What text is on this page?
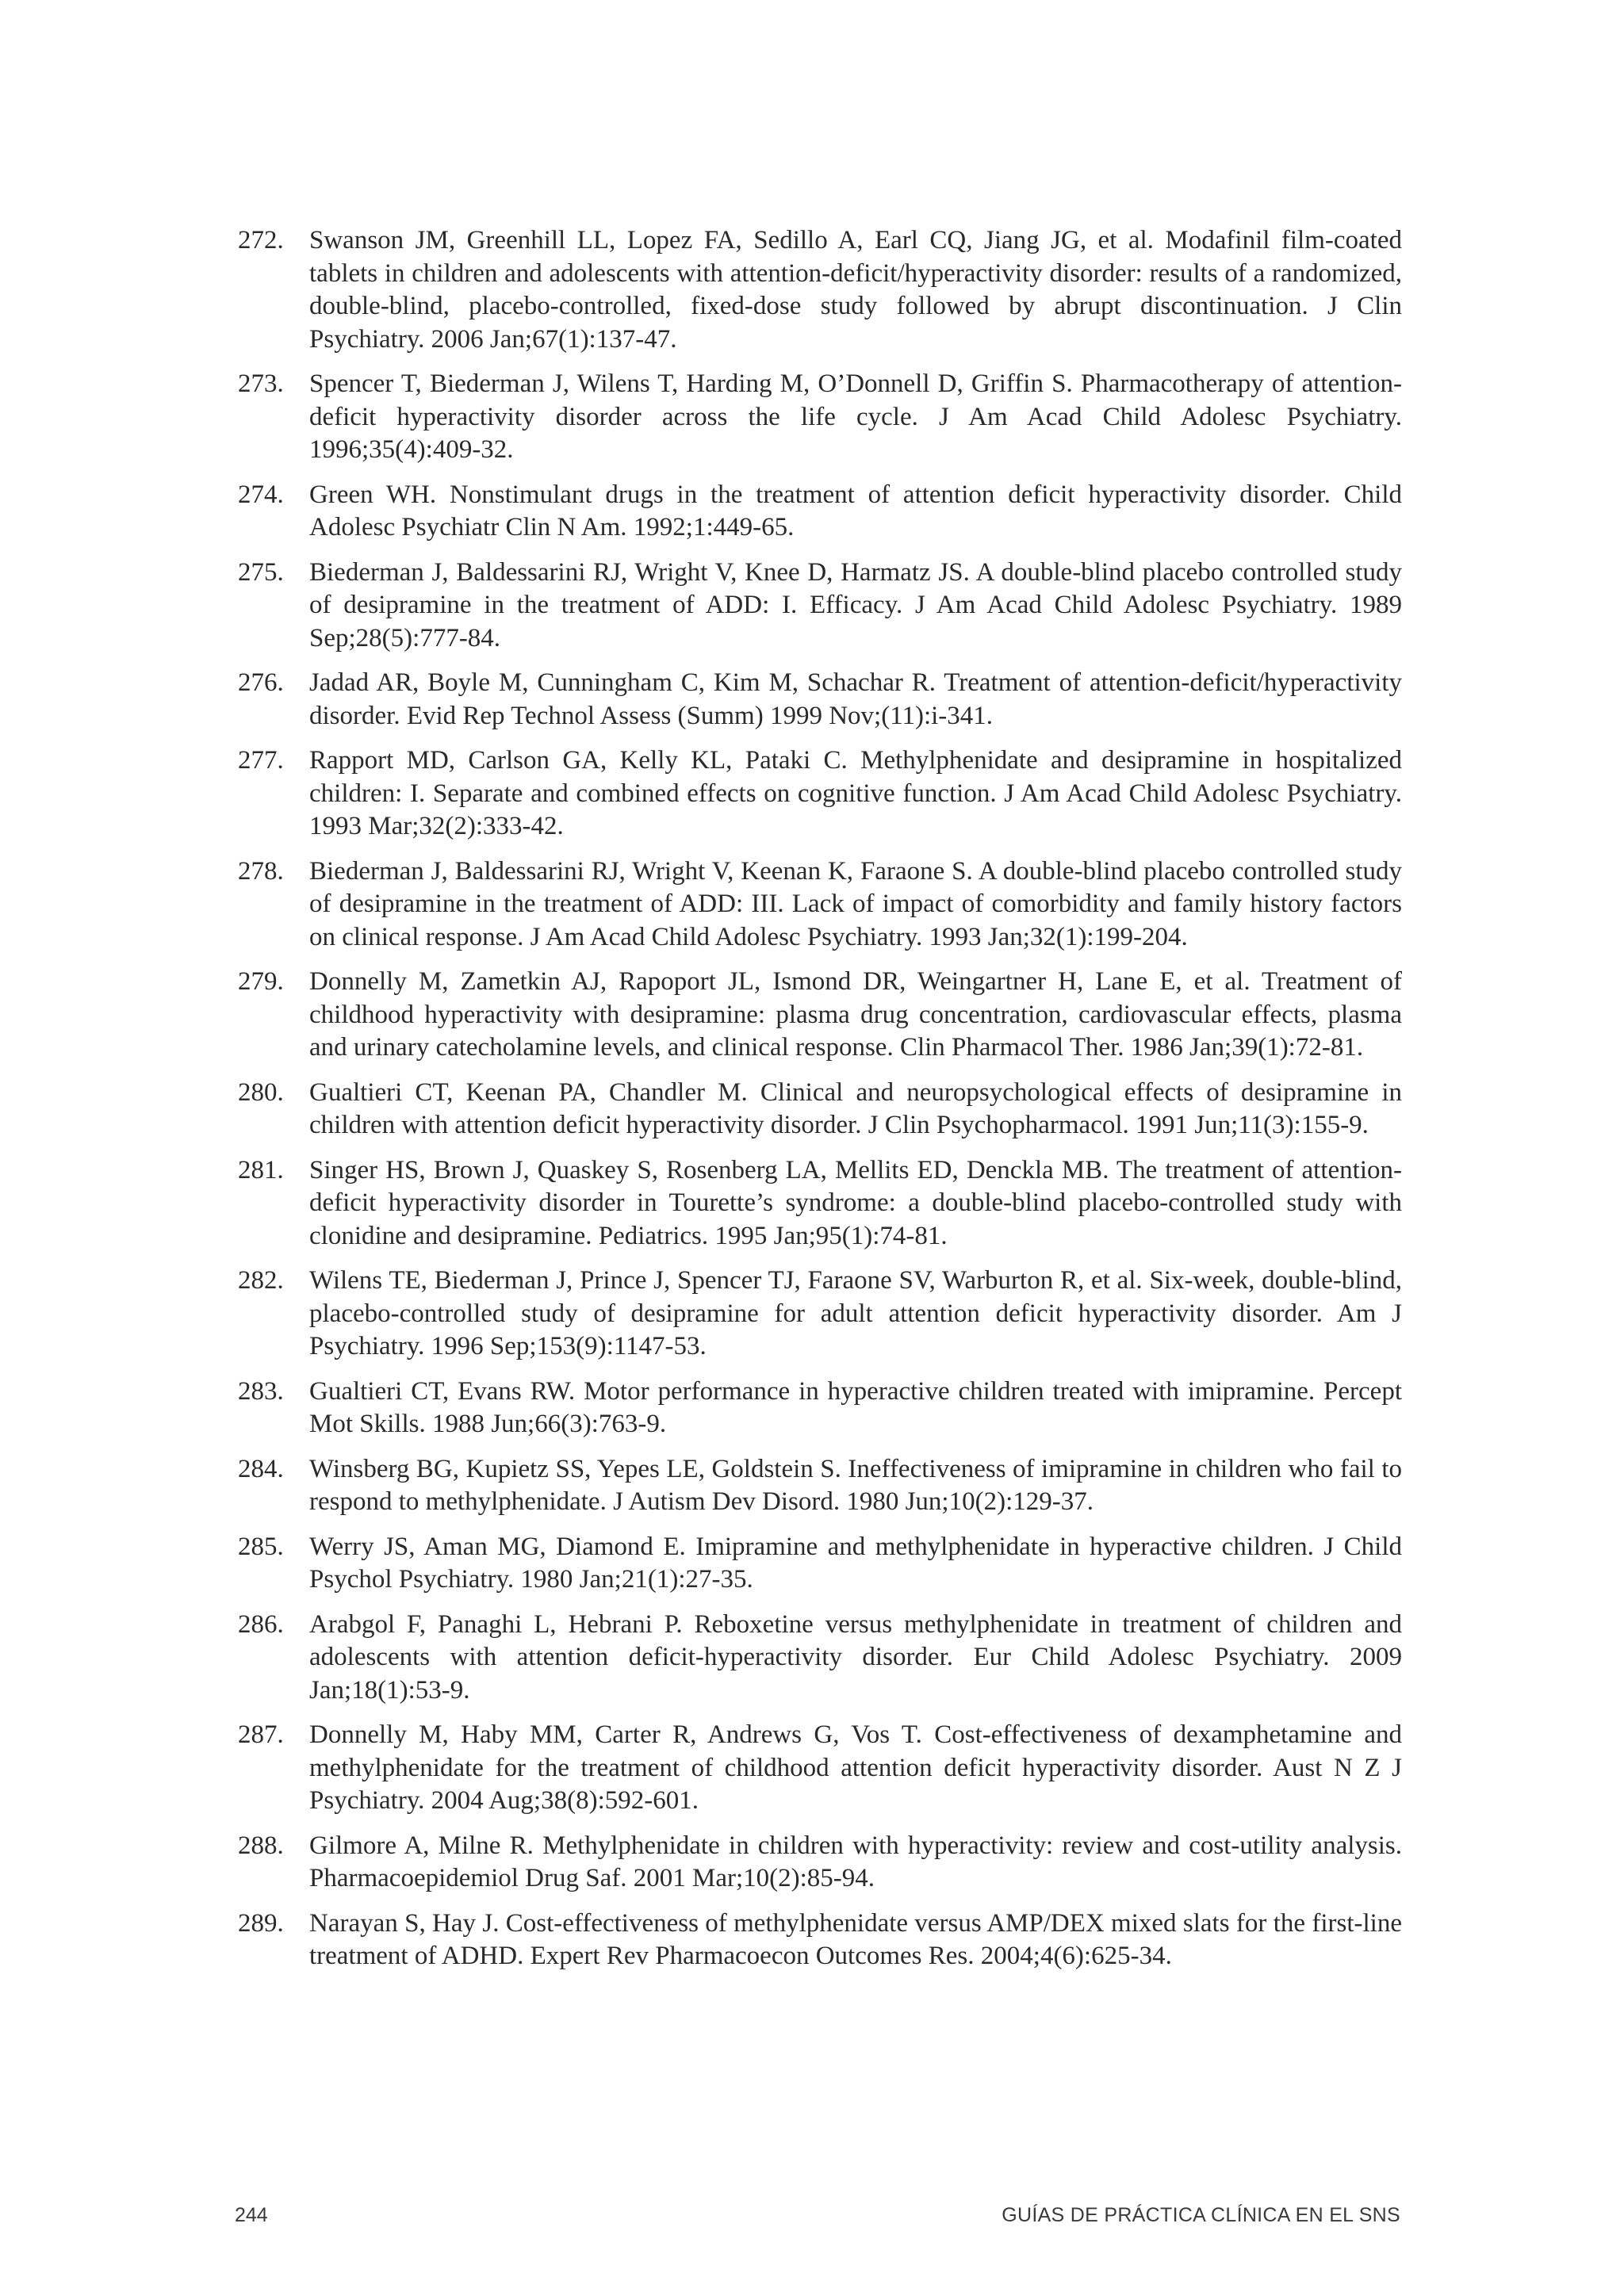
272. Swanson JM, Greenhill LL, Lopez FA, Sedillo A, Earl CQ, Jiang JG, et al. Modafinil film-coated tablets in children and adolescents with attention-deficit/hyperactivity disorder: results of a randomized, double-blind, placebo-controlled, fixed-dose study followed by abrupt discontinuation. J Clin Psychiatry. 2006 Jan;67(1):137-47.
273. Spencer T, Biederman J, Wilens T, Harding M, O’Donnell D, Griffin S. Pharmacotherapy of attention-deficit hyperactivity disorder across the life cycle. J Am Acad Child Adolesc Psychiatry. 1996;35(4):409-32.
274. Green WH. Nonstimulant drugs in the treatment of attention deficit hyperactivity disorder. Child Adolesc Psychiatr Clin N Am. 1992;1:449-65.
275. Biederman J, Baldessarini RJ, Wright V, Knee D, Harmatz JS. A double-blind placebo controlled study of desipramine in the treatment of ADD: I. Efficacy. J Am Acad Child Adolesc Psychiatry. 1989 Sep;28(5):777-84.
276. Jadad AR, Boyle M, Cunningham C, Kim M, Schachar R. Treatment of attention-deficit/hyperactivity disorder. Evid Rep Technol Assess (Summ) 1999 Nov;(11):i-341.
277. Rapport MD, Carlson GA, Kelly KL, Pataki C. Methylphenidate and desipramine in hospitalized children: I. Separate and combined effects on cognitive function. J Am Acad Child Adolesc Psychiatry. 1993 Mar;32(2):333-42.
278. Biederman J, Baldessarini RJ, Wright V, Keenan K, Faraone S. A double-blind placebo controlled study of desipramine in the treatment of ADD: III. Lack of impact of comorbidity and family history factors on clinical response. J Am Acad Child Adolesc Psychiatry. 1993 Jan;32(1):199-204.
279. Donnelly M, Zametkin AJ, Rapoport JL, Ismond DR, Weingartner H, Lane E, et al. Treatment of childhood hyperactivity with desipramine: plasma drug concentration, cardiovascular effects, plasma and urinary catecholamine levels, and clinical response. Clin Pharmacol Ther. 1986 Jan;39(1):72-81.
280. Gualtieri CT, Keenan PA, Chandler M. Clinical and neuropsychological effects of desipramine in children with attention deficit hyperactivity disorder. J Clin Psychopharmacol. 1991 Jun;11(3):155-9.
281. Singer HS, Brown J, Quaskey S, Rosenberg LA, Mellits ED, Denckla MB. The treatment of attention-deficit hyperactivity disorder in Tourette’s syndrome: a double-blind placebo-controlled study with clonidine and desipramine. Pediatrics. 1995 Jan;95(1):74-81.
282. Wilens TE, Biederman J, Prince J, Spencer TJ, Faraone SV, Warburton R, et al. Six-week, double-blind, placebo-controlled study of desipramine for adult attention deficit hyperactivity disorder. Am J Psychiatry. 1996 Sep;153(9):1147-53.
283. Gualtieri CT, Evans RW. Motor performance in hyperactive children treated with imipramine. Percept Mot Skills. 1988 Jun;66(3):763-9.
284. Winsberg BG, Kupietz SS, Yepes LE, Goldstein S. Ineffectiveness of imipramine in children who fail to respond to methylphenidate. J Autism Dev Disord. 1980 Jun;10(2):129-37.
285. Werry JS, Aman MG, Diamond E. Imipramine and methylphenidate in hyperactive children. J Child Psychol Psychiatry. 1980 Jan;21(1):27-35.
286. Arabgol F, Panaghi L, Hebrani P. Reboxetine versus methylphenidate in treatment of children and adolescents with attention deficit-hyperactivity disorder. Eur Child Adolesc Psychiatry. 2009 Jan;18(1):53-9.
287. Donnelly M, Haby MM, Carter R, Andrews G, Vos T. Cost-effectiveness of dexamphetamine and methylphenidate for the treatment of childhood attention deficit hyperactivity disorder. Aust N Z J Psychiatry. 2004 Aug;38(8):592-601.
288. Gilmore A, Milne R. Methylphenidate in children with hyperactivity: review and cost-utility analysis. Pharmacoepidemiol Drug Saf. 2001 Mar;10(2):85-94.
289. Narayan S, Hay J. Cost-effectiveness of methylphenidate versus AMP/DEX mixed slats for the first-line treatment of ADHD. Expert Rev Pharmacoecon Outcomes Res. 2004;4(6):625-34.
244	GUÍAS DE PRÁCTICA CLÍNICA EN EL SNS
